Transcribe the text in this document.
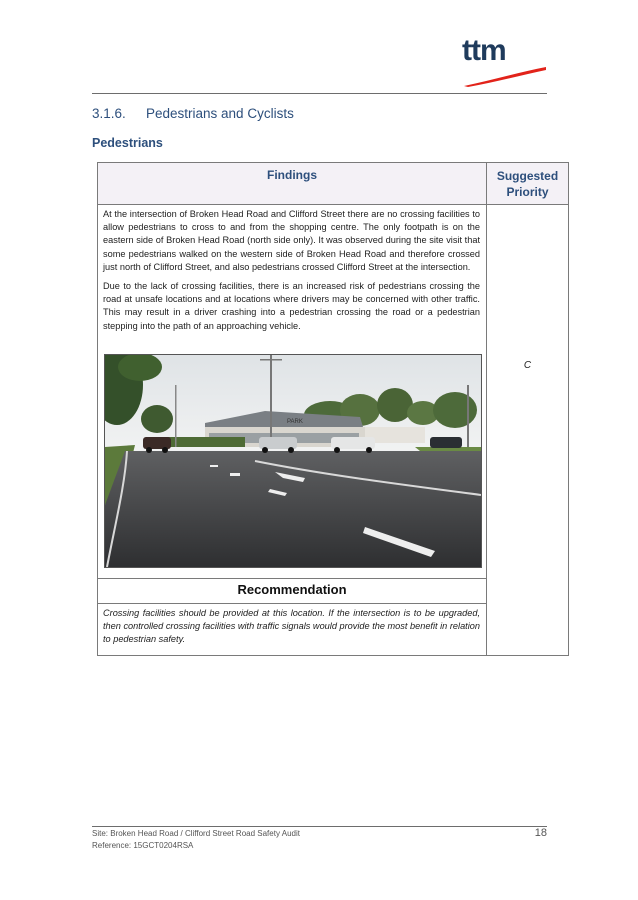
ttm
3.1.6. Pedestrians and Cyclists
Pedestrians
Findings	Suggested Priority

At the intersection of Broken Head Road and Clifford Street there are no crossing facilities to allow pedestrians to cross to and from the shopping centre. The only footpath is on the eastern side of Broken Head Road (north side only). It was observed during the site visit that some pedestrians walked on the western side of Broken Head Road and therefore crossed just north of Clifford Street, and also pedestrians crossed Clifford Street at the intersection.

Due to the lack of crossing facilities, there is an increased risk of pedestrians crossing the road at unsafe locations and at locations where drivers may be concerned with other traffic. This may result in a driver crashing into a pedestrian crossing the road or a pedestrian stepping into the path of an approaching vehicle.

C
PARK
Recommendation
Crossing facilities should be provided at this location. If the intersection is to be upgraded, then controlled crossing facilities with traffic signals would provide the most benefit in relation to pedestrian safety.
Site: Broken Head Road / Clifford Street Road Safety Audit
Reference: 15GCT0204RSA
18
